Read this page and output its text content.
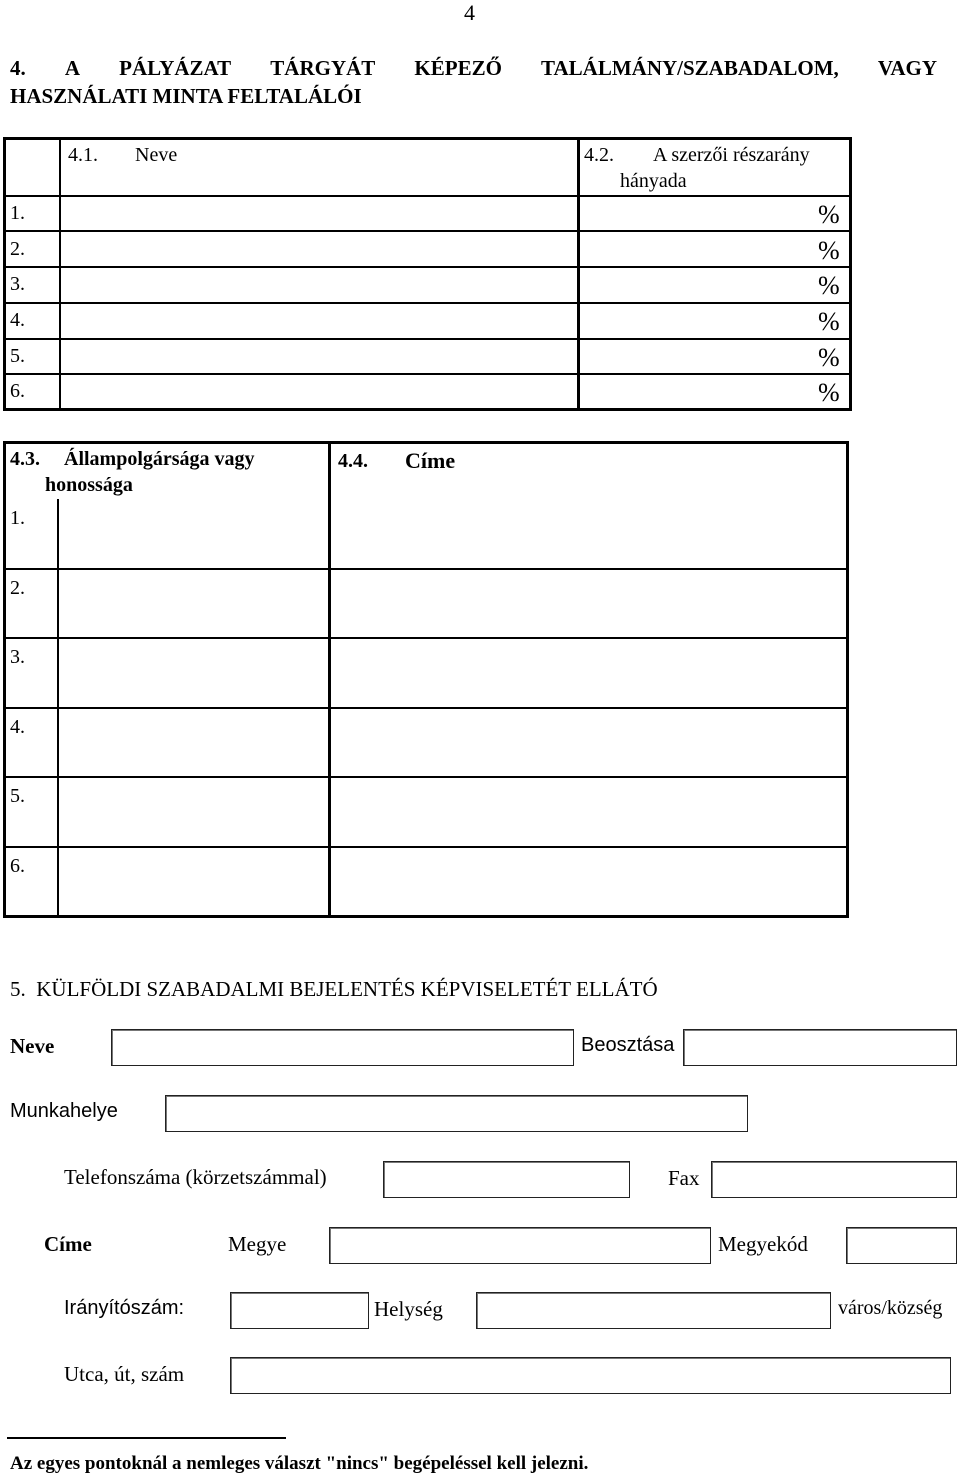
4
4. A PÁLYÁZAT TÁRGYÁT KÉPEZŐ TALÁLMÁNY/SZABADALOM, VAGY
HASZNÁLATI MINTA FELTALÁLÓI
4.1. Neve	4.2. A szerzői részarány
hányada
1.	%
2.	%
3.	%
4.	%
5.	%
6.	%
4.3. Állampolgársága vagy
honossága
4.4. Címe
1.
2.
3.
4.
5.
6.
5.  KÜLFÖLDI SZABADALMI BEJELENTÉS KÉPVISELETÉT ELLÁTÓ
Neve	Beosztása
Munkahelye
Telefonszáma (körzetszámmal)	Fax
Címe	Megye	Megyekód
Irányítószám:	Helység	város/község
Utca, út, szám
Az egyes pontoknál a nemleges választ "nincs" begépeléssel kell jelezni.
